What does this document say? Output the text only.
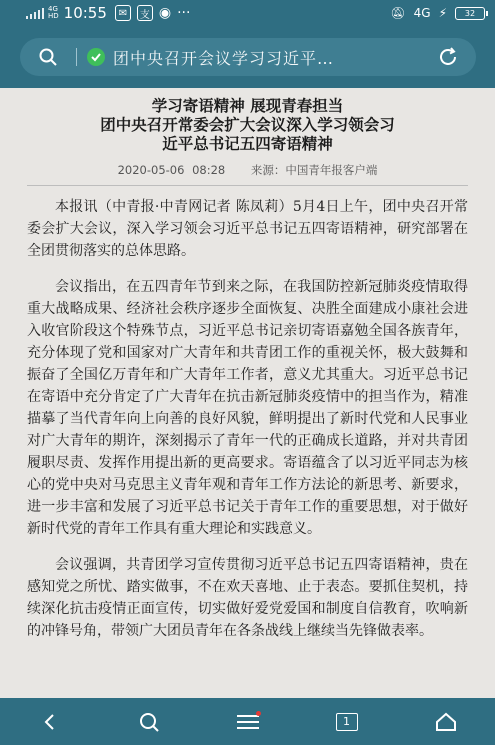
4G
HD 10:55	✉	支 ◉ ···	🔕︎ 4G ⚡︎ 32
团中央召开会议学习习近平…
学习寄语精神 展现青春担当
团中央召开常委会扩大会议深入学习领会习
近平总书记五四寄语精神
2020-05-06 08:28 来源：中国青年报客户端

本报讯（中青报·中青网记者 陈凤莉）5月4日上午，团中央召开常委会扩大会议，深入学习领会习近平总书记五四寄语精神，研究部署在全团贯彻落实的总体思路。

会议指出，在五四青年节到来之际，在我国防控新冠肺炎疫情取得重大战略成果、经济社会秩序逐步全面恢复、决胜全面建成小康社会进入收官阶段这个特殊节点，习近平总书记亲切寄语嘉勉全国各族青年，充分体现了党和国家对广大青年和共青团工作的重视关怀，极大鼓舞和振奋了全国亿万青年和广大青年工作者，意义尤其重大。习近平总书记在寄语中充分肯定了广大青年在抗击新冠肺炎疫情中的担当作为，精准描摹了当代青年向上向善的良好风貌，鲜明提出了新时代党和人民事业对广大青年的期许，深刻揭示了青年一代的正确成长道路，并对共青团履职尽责、发挥作用提出新的更高要求。寄语蕴含了以习近平同志为核心的党中央对马克思主义青年观和青年工作方法论的新思考、新要求，进一步丰富和发展了习近平总书记关于青年工作的重要思想，对于做好新时代党的青年工作具有重大理论和实践意义。

会议强调，共青团学习宣传贯彻习近平总书记五四寄语精神，贵在感知党之所忧、踏实做事，不在欢天喜地、止于表态。要抓住契机，持续深化抗击疫情正面宣传，切实做好爱党爱国和制度自信教育，吹响新的冲锋号角，带领广大团员青年在各条战线上继续当先锋做表率。

1
